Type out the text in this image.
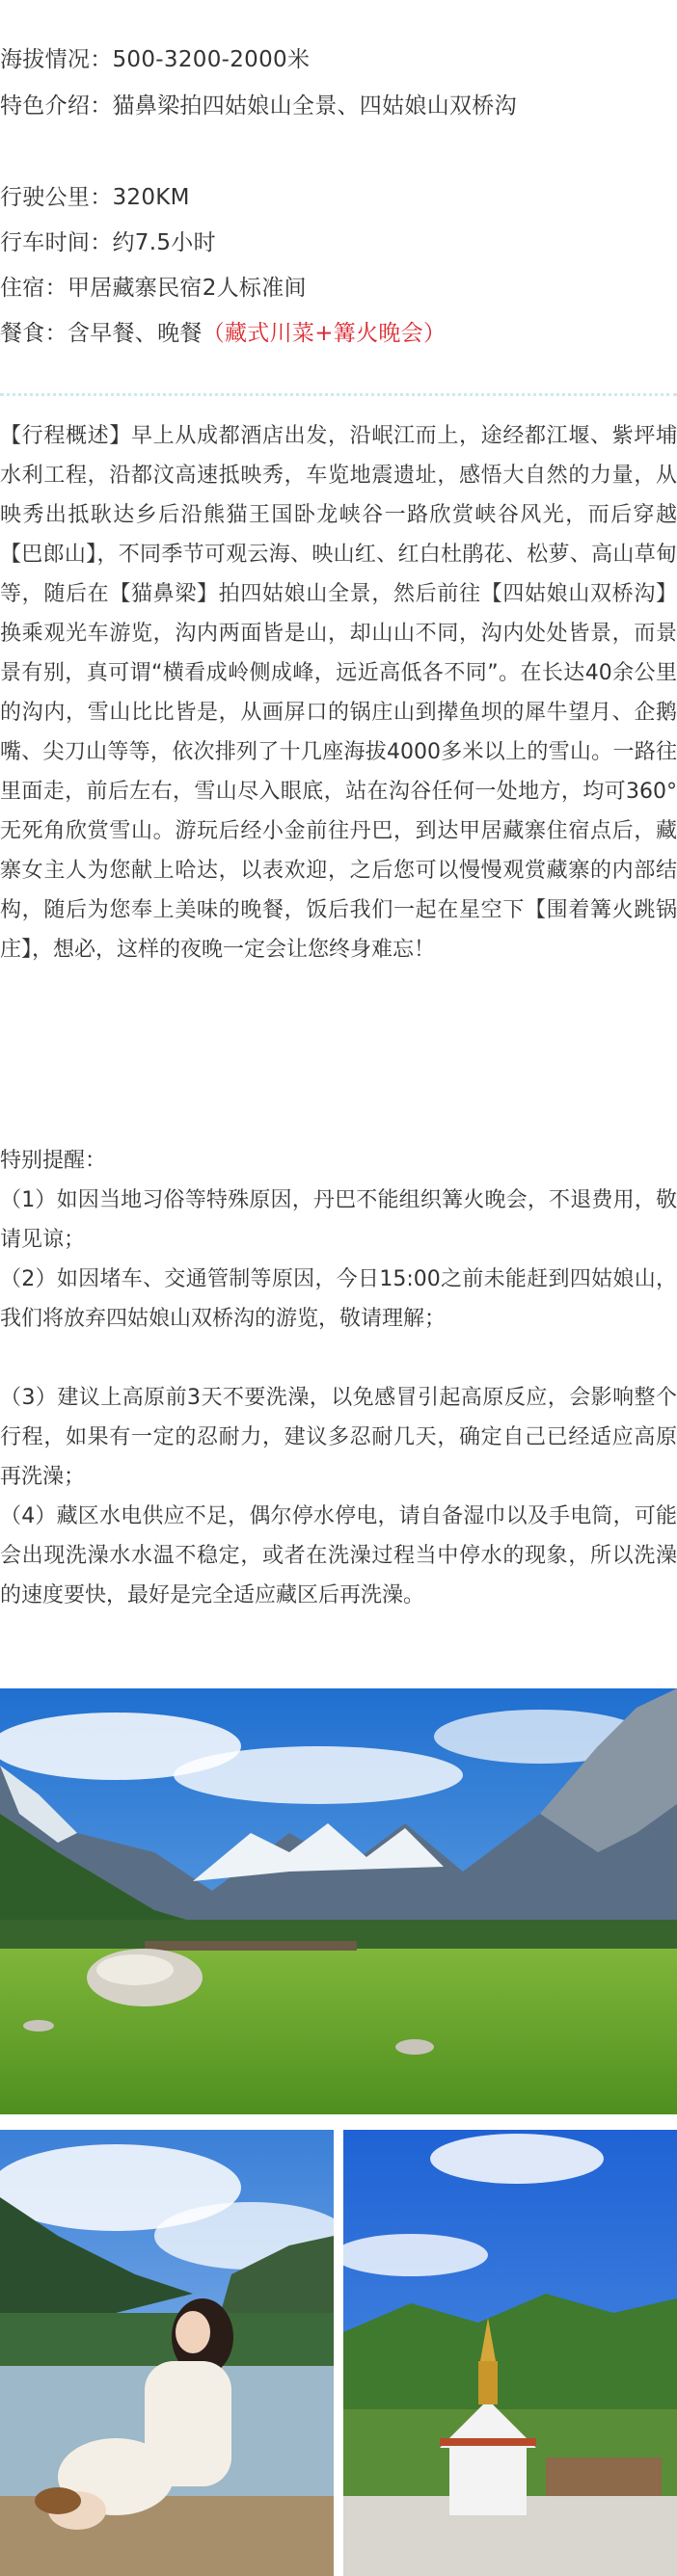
海拔情况：500-3200-2000米
特色介绍：猫鼻梁拍四姑娘山全景、四姑娘山双桥沟
行驶公里：320KM
行车时间：约7.5小时
住宿：甲居藏寨民宿2人标准间
餐食：含早餐、晚餐（藏式川菜+篝火晚会）
【行程概述】早上从成都酒店出发，沿岷江而上，途经都江堰、紫坪埔水利工程，沿都汶高速抵映秀，车览地震遗址，感悟大自然的力量，从映秀出抵耿达乡后沿熊猫王国卧龙峡谷一路欣赏峡谷风光，而后穿越【巴郎山】，不同季节可观云海、映山红、红白杜鹃花、松萝、高山草甸等，随后在【猫鼻梁】拍四姑娘山全景，然后前往【四姑娘山双桥沟】换乘观光车游览，沟内两面皆是山，却山山不同，沟内处处皆景，而景景有别，真可谓“横看成岭侧成峰，远近高低各不同”。在长达40余公里的沟内，雪山比比皆是，从画屏口的锅庄山到撵鱼坝的犀牛望月、企鹅嘴、尖刀山等等，依次排列了十几座海拔4000多米以上的雪山。一路往里面走，前后左右，雪山尽入眼底，站在沟谷任何一处地方，均可360°无死角欣赏雪山。游玩后经小金前往丹巴，到达甲居藏寨住宿点后，藏寨女主人为您献上哈达，以表欢迎，之后您可以慢慢观赏藏寨的内部结构，随后为您奉上美味的晚餐，饭后我们一起在星空下【围着篝火跳锅庄】，想必，这样的夜晚一定会让您终身难忘！
特别提醒：
（1）如因当地习俗等特殊原因，丹巴不能组织篝火晚会，不退费用，敬请见谅；
（2）如因堵车、交通管制等原因，今日15:00之前未能赶到四姑娘山，我们将放弃四姑娘山双桥沟的游览，敬请理解；
（3）建议上高原前3天不要洗澡，以免感冒引起高原反应，会影响整个行程，如果有一定的忍耐力，建议多忍耐几天，确定自己已经适应高原再洗澡；
（4）藏区水电供应不足，偶尔停水停电，请自备湿巾以及手电筒，可能会出现洗澡水水温不稳定，或者在洗澡过程当中停水的现象，所以洗澡的速度要快，最好是完全适应藏区后再洗澡。
